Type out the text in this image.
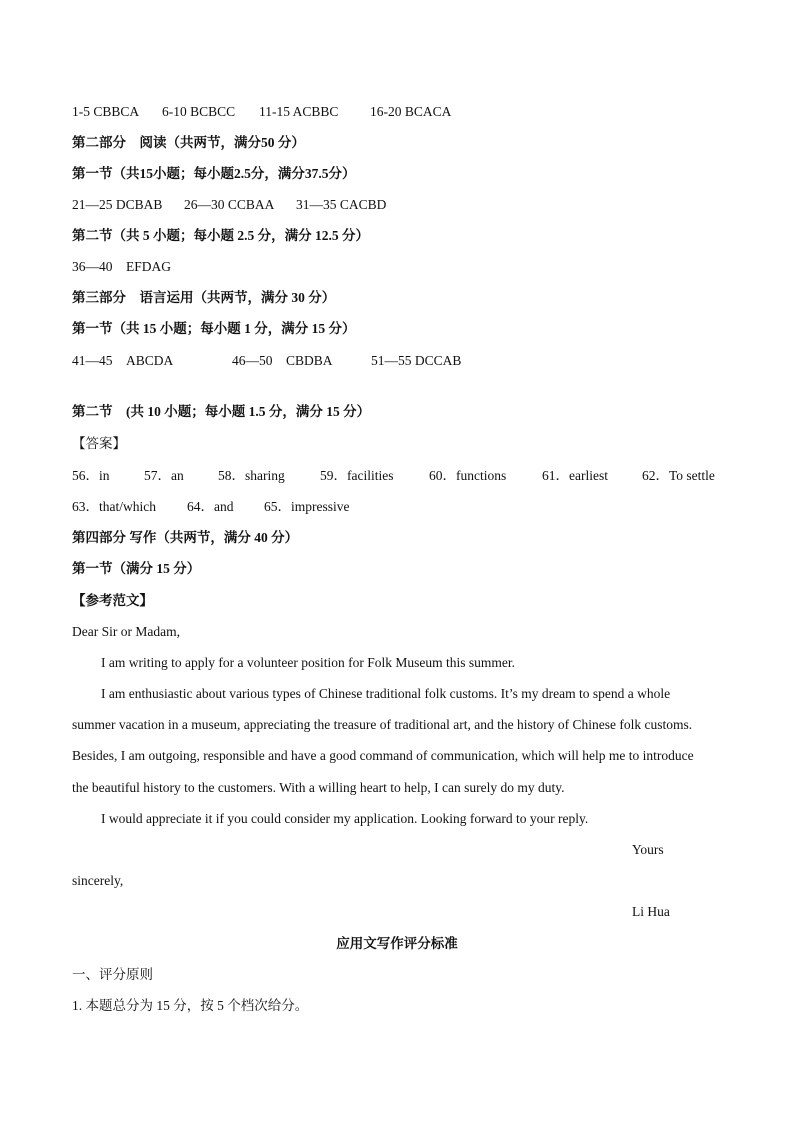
1-5 CBBCA 6-10 BCBCC 11-15 ACBBC 16-20 BCACA
第二部分　阅读（共两节，满分50 分）
第一节（共15小题；每小题2.5分，满分37.5分）
21—25 DCBAB 26—30 CCBAA 31—35 CACBD
第二节（共 5 小题；每小题 2.5 分，满分 12.5 分）
36—40　EFDAG
第三部分　语言运用（共两节，满分 30 分）
第一节（共 15 小题；每小题 1 分，满分 15 分）
41—45　ABCDA	46—50　CBDBA	51—55 DCCAB
第二节　(共 10 小题；每小题 1.5 分，满分 15 分）
【答案】
56．in	57．an	58．sharing	59．facilities	60．functions	61．earliest	62．To settle
63．that/which 64．and 65．impressive
第四部分 写作（共两节，满分 40 分）
第一节（满分 15 分）
【参考范文】
Dear Sir or Madam,
I am writing to apply for a volunteer position for Folk Museum this summer.
I am enthusiastic about various types of Chinese traditional folk customs. It’s my dream to spend a whole
summer vacation in a museum, appreciating the treasure of traditional art, and the history of Chinese folk customs.
Besides, I am outgoing, responsible and have a good command of communication, which will help me to introduce
the beautiful history to the customers. With a willing heart to help, I can surely do my duty.
I would appreciate it if you could consider my application. Looking forward to your reply.
Yours
sincerely,
Li Hua
应用文写作评分标准
一、评分原则
1. 本题总分为 15 分，按 5 个档次给分。
